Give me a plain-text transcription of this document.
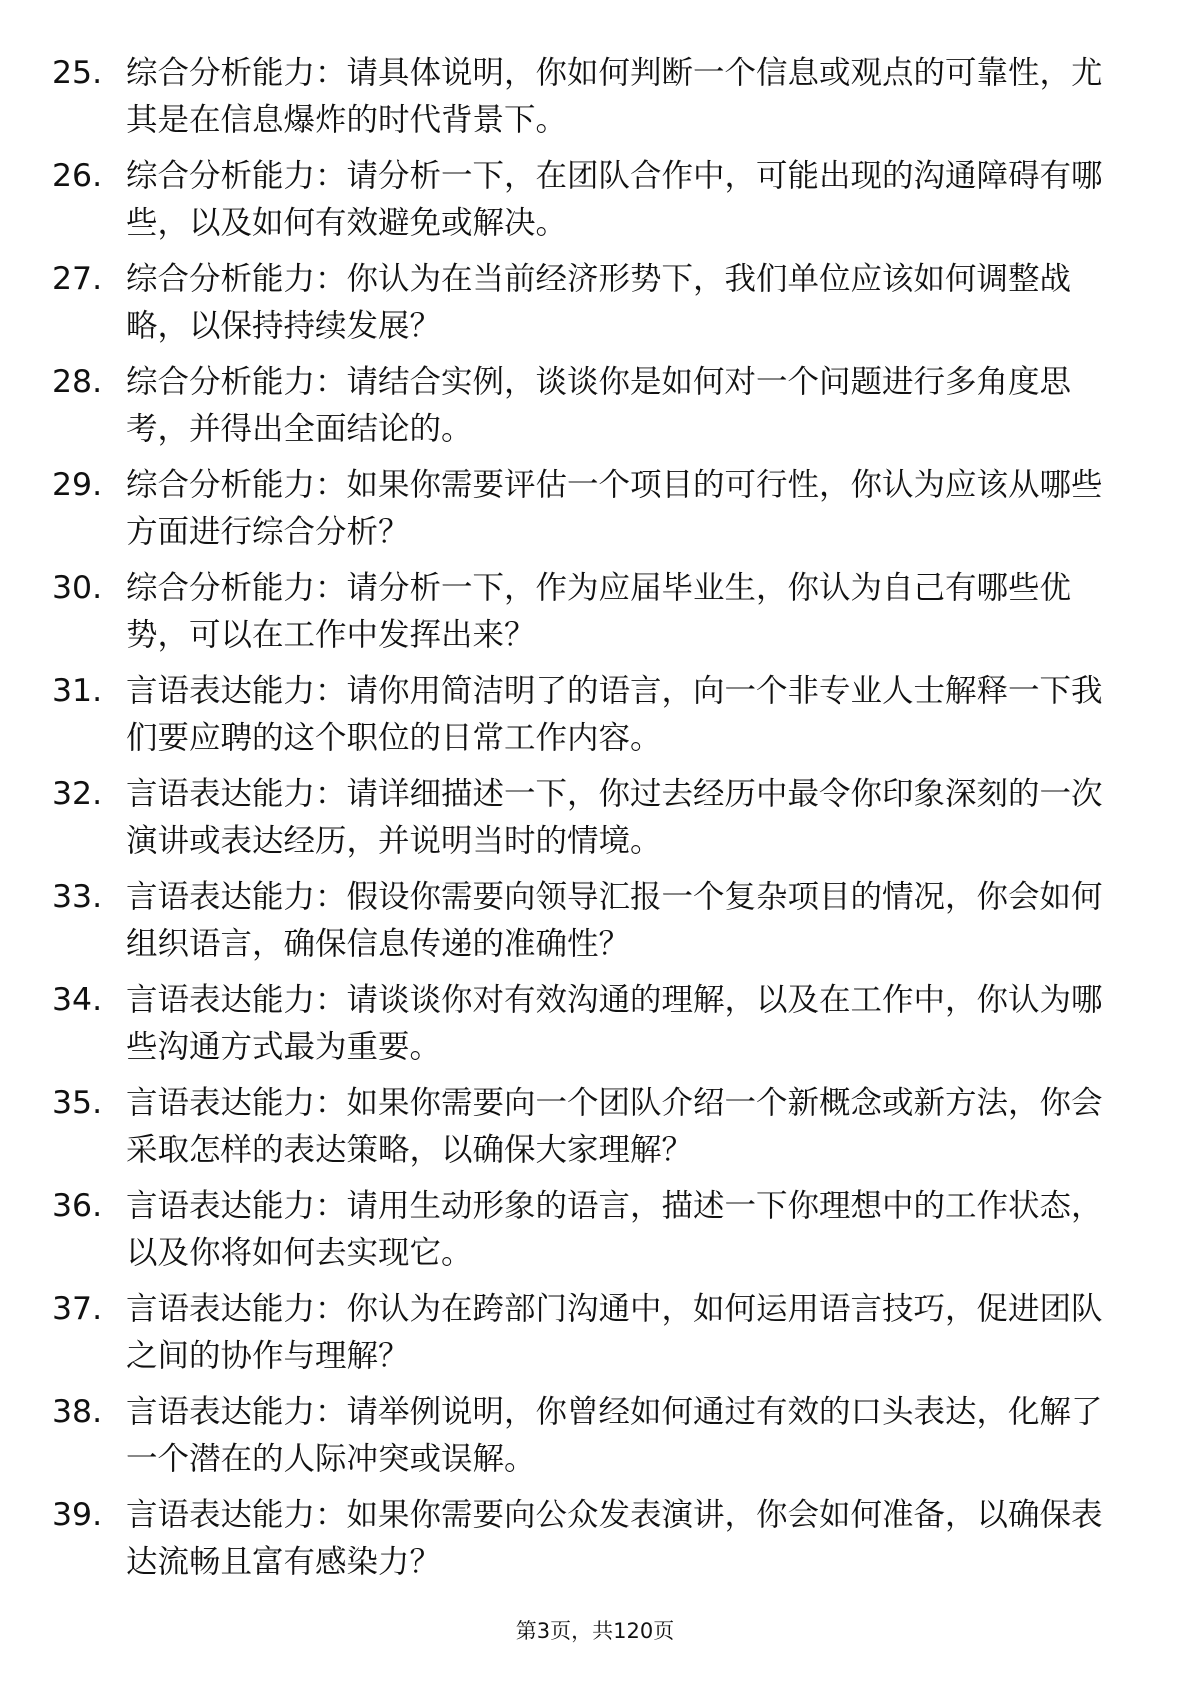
25. 综合分析能力：请具体说明，你如何判断一个信息或观点的可靠性，尤其是在信息爆炸的时代背景下。
26. 综合分析能力：请分析一下，在团队合作中，可能出现的沟通障碍有哪些，以及如何有效避免或解决。
27. 综合分析能力：你认为在当前经济形势下，我们单位应该如何调整战略，以保持持续发展？
28. 综合分析能力：请结合实例，谈谈你是如何对一个问题进行多角度思考，并得出全面结论的。
29. 综合分析能力：如果你需要评估一个项目的可行性，你认为应该从哪些方面进行综合分析？
30. 综合分析能力：请分析一下，作为应届毕业生，你认为自己有哪些优势，可以在工作中发挥出来？
31. 言语表达能力：请你用简洁明了的语言，向一个非专业人士解释一下我们要应聘的这个职位的日常工作内容。
32. 言语表达能力：请详细描述一下，你过去经历中最令你印象深刻的一次演讲或表达经历，并说明当时的情境。
33. 言语表达能力：假设你需要向领导汇报一个复杂项目的情况，你会如何组织语言，确保信息传递的准确性？
34. 言语表达能力：请谈谈你对有效沟通的理解，以及在工作中，你认为哪些沟通方式最为重要。
35. 言语表达能力：如果你需要向一个团队介绍一个新概念或新方法，你会采取怎样的表达策略，以确保大家理解？
36. 言语表达能力：请用生动形象的语言，描述一下你理想中的工作状态，以及你将如何去实现它。
37. 言语表达能力：你认为在跨部门沟通中，如何运用语言技巧，促进团队之间的协作与理解？
38. 言语表达能力：请举例说明，你曾经如何通过有效的口头表达，化解了一个潜在的人际冲突或误解。
39. 言语表达能力：如果你需要向公众发表演讲，你会如何准备，以确保表达流畅且富有感染力？
第3页，共120页
